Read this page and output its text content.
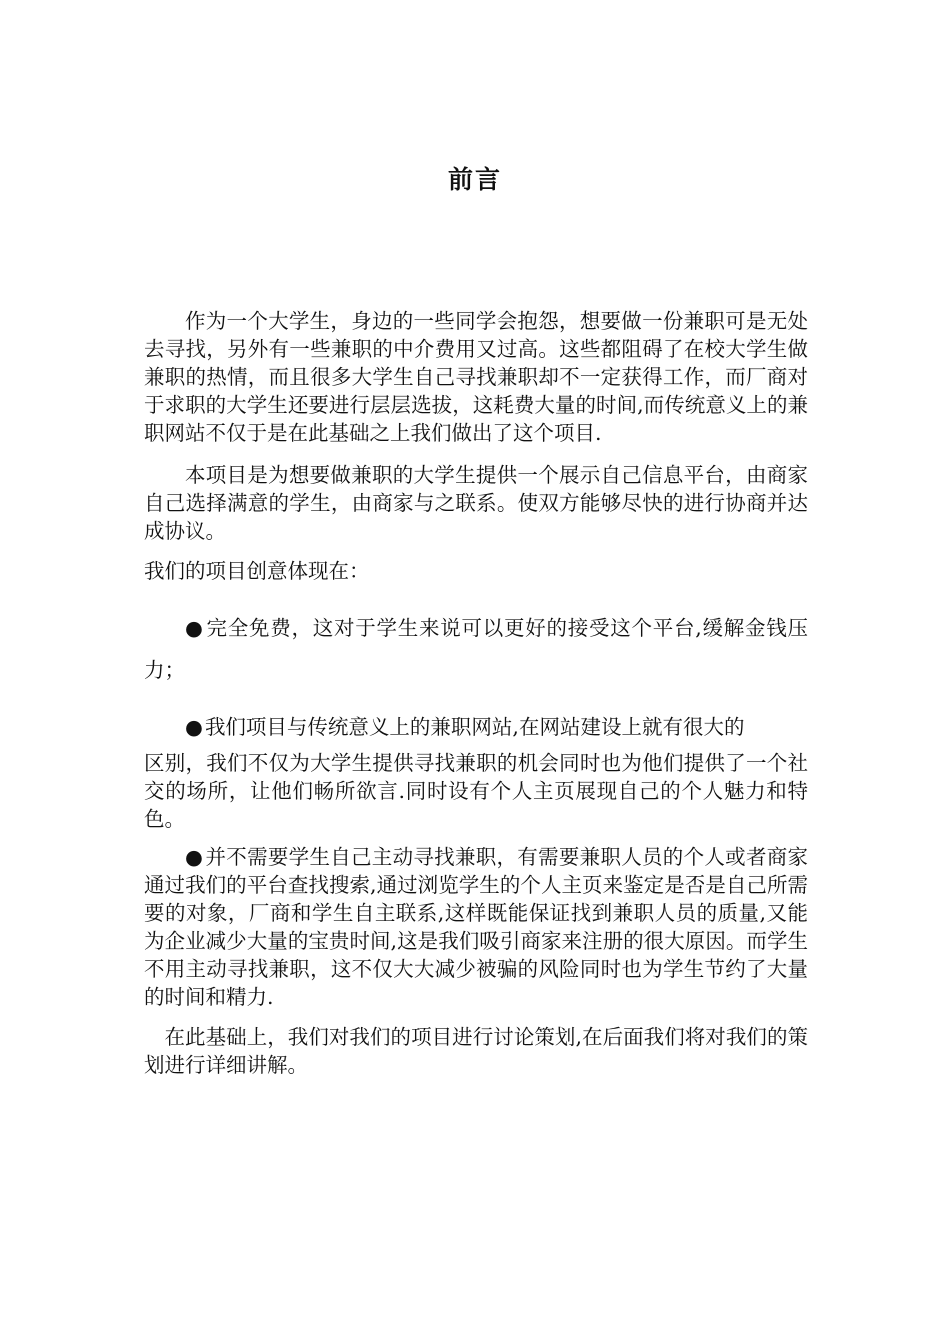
前言

作为一个大学生，身边的一些同学会抱怨，想要做一份兼职可是无处去寻找，另外有一些兼职的中介费用又过高。这些都阻碍了在校大学生做兼职的热情，而且很多大学生自己寻找兼职却不一定获得工作，而厂商对于求职的大学生还要进行层层选拔，这耗费大量的时间,而传统意义上的兼职网站不仅于是在此基础之上我们做出了这个项目.

本项目是为想要做兼职的大学生提供一个展示自己信息平台，由商家自己选择满意的学生，由商家与之联系。使双方能够尽快的进行协商并达成协议。

我们的项目创意体现在：

● 完全免费，这对于学生来说可以更好的接受这个平台,缓解金钱压力；

● 我们项目与传统意义上的兼职网站,在网站建设上就有很大的
区别，我们不仅为大学生提供寻找兼职的机会同时也为他们提供了一个社交的场所，让他们畅所欲言.同时设有个人主页展现自己的个人魅力和特色。

● 并不需要学生自己主动寻找兼职，有需要兼职人员的个人或者商家通过我们的平台查找搜索,通过浏览学生的个人主页来鉴定是否是自己所需要的对象，厂商和学生自主联系,这样既能保证找到兼职人员的质量,又能为企业减少大量的宝贵时间,这是我们吸引商家来注册的很大原因。而学生不用主动寻找兼职，这不仅大大减少被骗的风险同时也为学生节约了大量的时间和精力.

在此基础上，我们对我们的项目进行讨论策划,在后面我们将对我们的策划进行详细讲解。
